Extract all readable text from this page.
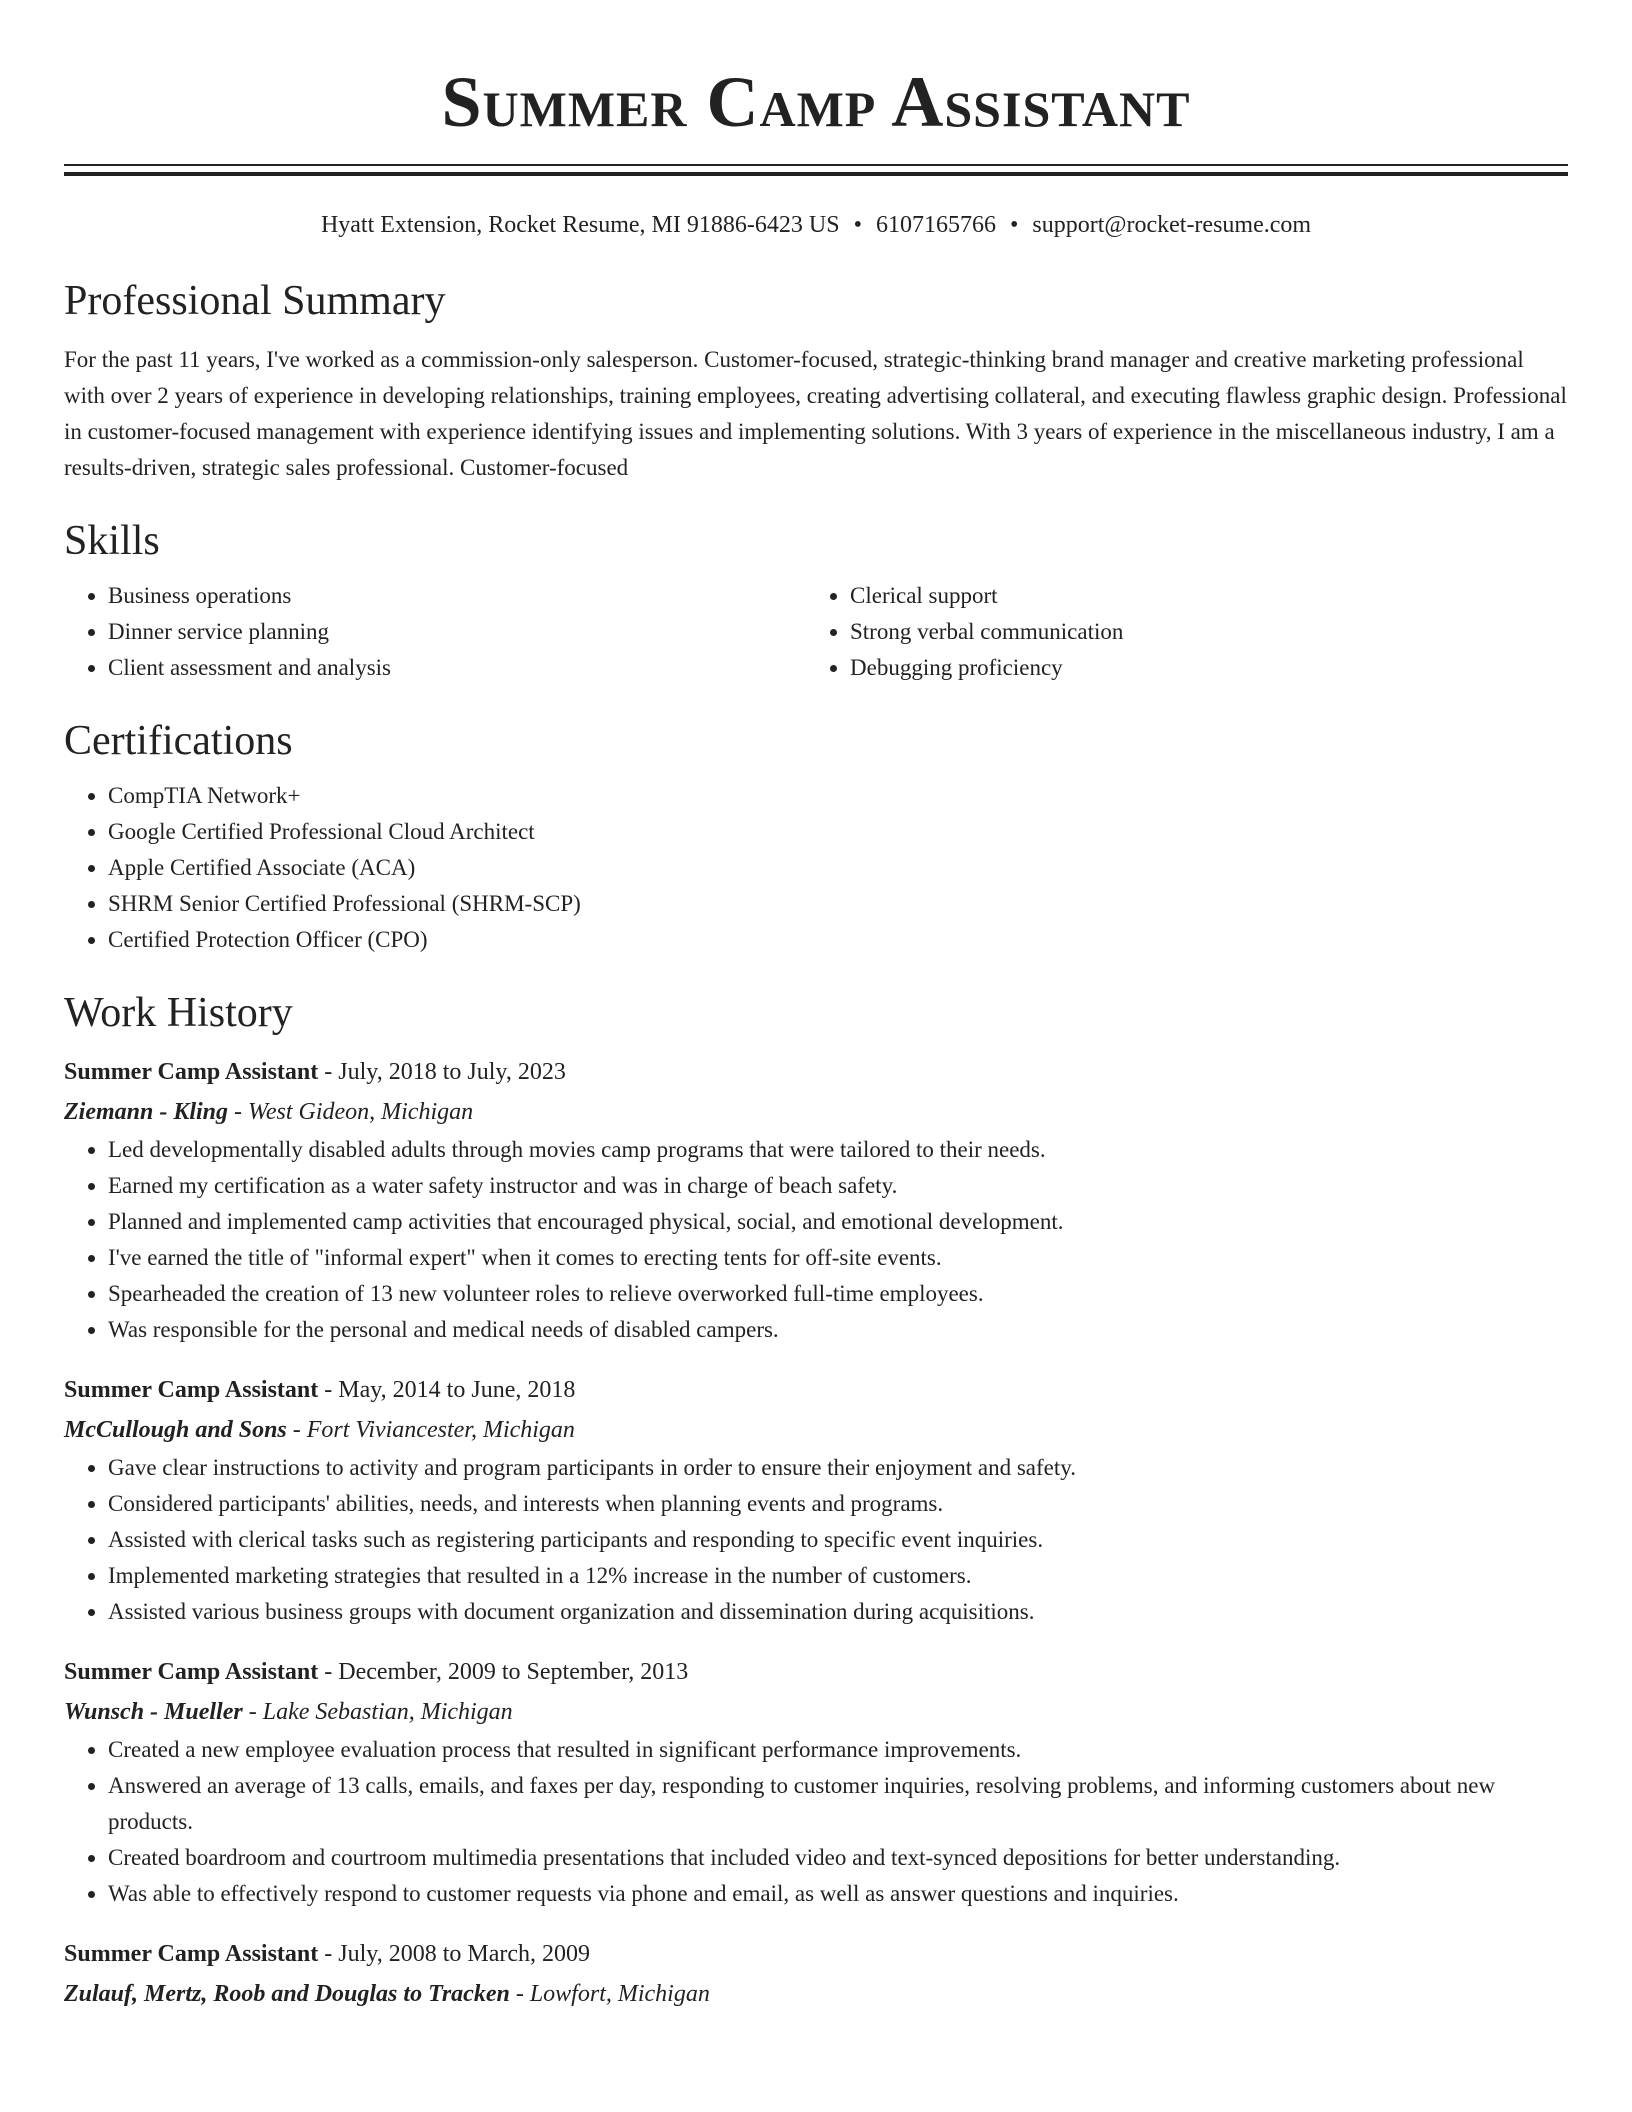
Summer Camp Assistant
Hyatt Extension, Rocket Resume, MI 91886-6423 US • 6107165766 • support@rocket-resume.com
Professional Summary
For the past 11 years, I've worked as a commission-only salesperson. Customer-focused, strategic-thinking brand manager and creative marketing professional with over 2 years of experience in developing relationships, training employees, creating advertising collateral, and executing flawless graphic design. Professional in customer-focused management with experience identifying issues and implementing solutions. With 3 years of experience in the miscellaneous industry, I am a results-driven, strategic sales professional. Customer-focused
Skills
• Business operations
• Dinner service planning
• Client assessment and analysis
• Clerical support
• Strong verbal communication
• Debugging proficiency
Certifications
• CompTIA Network+
• Google Certified Professional Cloud Architect
• Apple Certified Associate (ACA)
• SHRM Senior Certified Professional (SHRM-SCP)
• Certified Protection Officer (CPO)
Work History
Summer Camp Assistant - July, 2018 to July, 2023
Ziemann - Kling - West Gideon, Michigan
• Led developmentally disabled adults through movies camp programs that were tailored to their needs.
• Earned my certification as a water safety instructor and was in charge of beach safety.
• Planned and implemented camp activities that encouraged physical, social, and emotional development.
• I've earned the title of "informal expert" when it comes to erecting tents for off-site events.
• Spearheaded the creation of 13 new volunteer roles to relieve overworked full-time employees.
• Was responsible for the personal and medical needs of disabled campers.
Summer Camp Assistant - May, 2014 to June, 2018
McCullough and Sons - Fort Viviancester, Michigan
• Gave clear instructions to activity and program participants in order to ensure their enjoyment and safety.
• Considered participants' abilities, needs, and interests when planning events and programs.
• Assisted with clerical tasks such as registering participants and responding to specific event inquiries.
• Implemented marketing strategies that resulted in a 12% increase in the number of customers.
• Assisted various business groups with document organization and dissemination during acquisitions.
Summer Camp Assistant - December, 2009 to September, 2013
Wunsch - Mueller - Lake Sebastian, Michigan
• Created a new employee evaluation process that resulted in significant performance improvements.
• Answered an average of 13 calls, emails, and faxes per day, responding to customer inquiries, resolving problems, and informing customers about new products.
• Created boardroom and courtroom multimedia presentations that included video and text-synced depositions for better understanding.
• Was able to effectively respond to customer requests via phone and email, as well as answer questions and inquiries.
Summer Camp Assistant - July, 2008 to March, 2009
Zulauf, Mertz, Roob and Douglas to Tracken - Lowfort, Michigan
